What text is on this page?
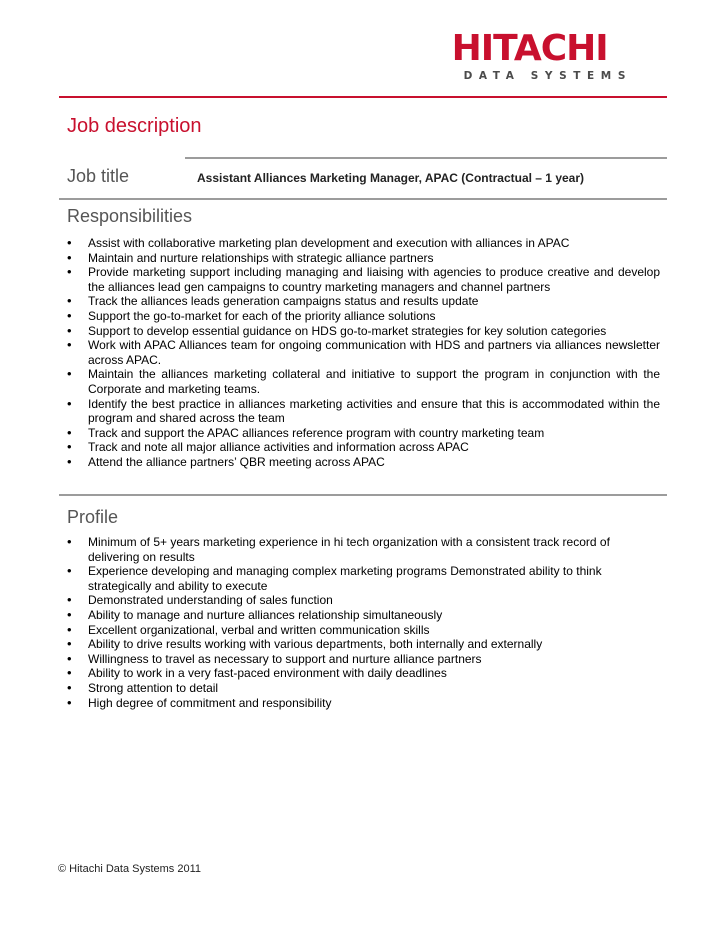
HITACHI
DATA SYSTEMS
Job description
Job title	Assistant Alliances Marketing Manager, APAC (Contractual – 1 year)
Responsibilities
• Assist with collaborative marketing plan development and execution with alliances in APAC
• Maintain and nurture relationships with strategic alliance partners
• Provide marketing support including managing and liaising with agencies to produce creative and develop the alliances lead gen campaigns to country marketing managers and channel partners
• Track the alliances leads generation campaigns status and results update
• Support the go-to-market for each of the priority alliance solutions
• Support to develop essential guidance on HDS go-to-market strategies for key solution categories
• Work with APAC Alliances team for ongoing communication with HDS and partners via alliances newsletter across APAC.
• Maintain the alliances marketing collateral and initiative to support the program in conjunction with the Corporate and marketing teams.
• Identify the best practice in alliances marketing activities and ensure that this is accommodated within the program and shared across the team
• Track and support the APAC alliances reference program with country marketing team
• Track and note all major alliance activities and information across APAC
• Attend the alliance partners’ QBR meeting across APAC
Profile
• Minimum of 5+ years marketing experience in hi tech organization with a consistent track record of delivering on results
• Experience developing and managing complex marketing programs Demonstrated ability to think strategically and ability to execute
• Demonstrated understanding of sales function
• Ability to manage and nurture alliances relationship simultaneously
• Excellent organizational, verbal and written communication skills
• Ability to drive results working with various departments, both internally and externally
• Willingness to travel as necessary to support and nurture alliance partners
• Ability to work in a very fast-paced environment with daily deadlines
• Strong attention to detail
• High degree of commitment and responsibility
© Hitachi Data Systems 2011
